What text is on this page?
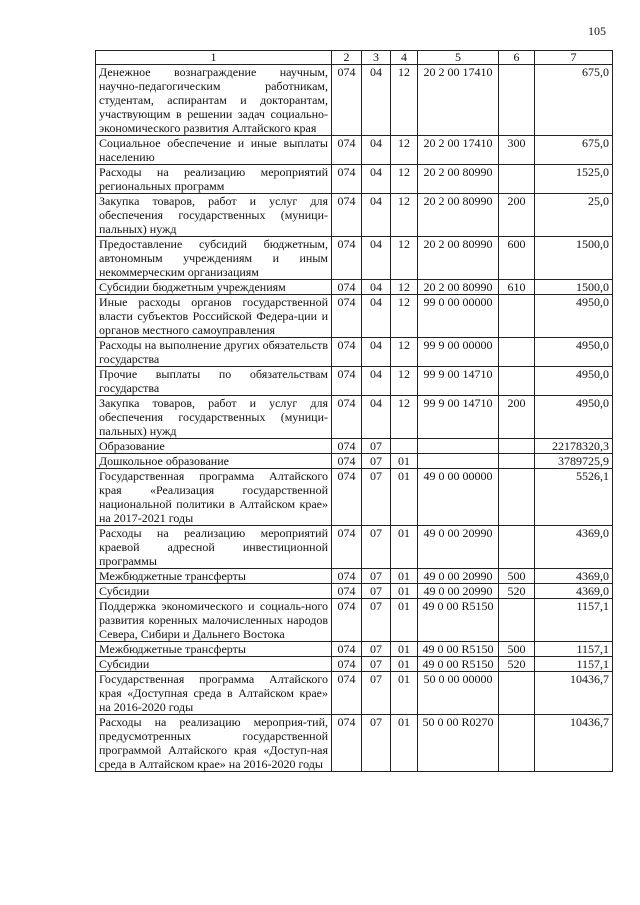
105
1	2	3	4	5	6	7
Денежное вознаграждение научным, научно-педагогическим работникам, студентам, аспирантам и докторантам, участвующим в решении задач социально-экономического развития Алтайского края	074	04	12	20 2 00 17410		675,0
Социальное обеспечение и иные выплаты населению	074	04	12	20 2 00 17410	300	675,0
Расходы на реализацию мероприятий региональных программ	074	04	12	20 2 00 80990		1525,0
Закупка товаров, работ и услуг для обеспечения государственных (муници-пальных) нужд	074	04	12	20 2 00 80990	200	25,0
Предоставление субсидий бюджетным, автономным учреждениям и иным некоммерческим организациям	074	04	12	20 2 00 80990	600	1500,0
Субсидии бюджетным учреждениям	074	04	12	20 2 00 80990	610	1500,0
Иные расходы органов государственной власти субъектов Российской Федера-ции и органов местного самоуправления	074	04	12	99 0 00 00000		4950,0
Расходы на выполнение других обязательств государства	074	04	12	99 9 00 00000		4950,0
Прочие выплаты по обязательствам государства	074	04	12	99 9 00 14710		4950,0
Закупка товаров, работ и услуг для обеспечения государственных (муници-пальных) нужд	074	04	12	99 9 00 14710	200	4950,0
Образование	074	07				22178320,3
Дошкольное образование	074	07	01			3789725,9
Государственная программа Алтайского края «Реализация государственной национальной политики в Алтайском крае» на 2017-2021 годы	074	07	01	49 0 00 00000		5526,1
Расходы на реализацию мероприятий краевой адресной инвестиционной программы	074	07	01	49 0 00 20990		4369,0
Межбюджетные трансферты	074	07	01	49 0 00 20990	500	4369,0
Субсидии	074	07	01	49 0 00 20990	520	4369,0
Поддержка экономического и социаль-ного развития коренных малочисленных народов Севера, Сибири и Дальнего Востока	074	07	01	49 0 00 R5150		1157,1
Межбюджетные трансферты	074	07	01	49 0 00 R5150	500	1157,1
Субсидии	074	07	01	49 0 00 R5150	520	1157,1
Государственная программа Алтайского края «Доступная среда в Алтайском крае» на 2016-2020 годы	074	07	01	50 0 00 00000		10436,7
Расходы на реализацию мероприя-тий, предусмотренных государственной программой Алтайского края «Доступ-ная среда в Алтайском крае» на 2016-2020 годы	074	07	01	50 0 00 R0270		10436,7
